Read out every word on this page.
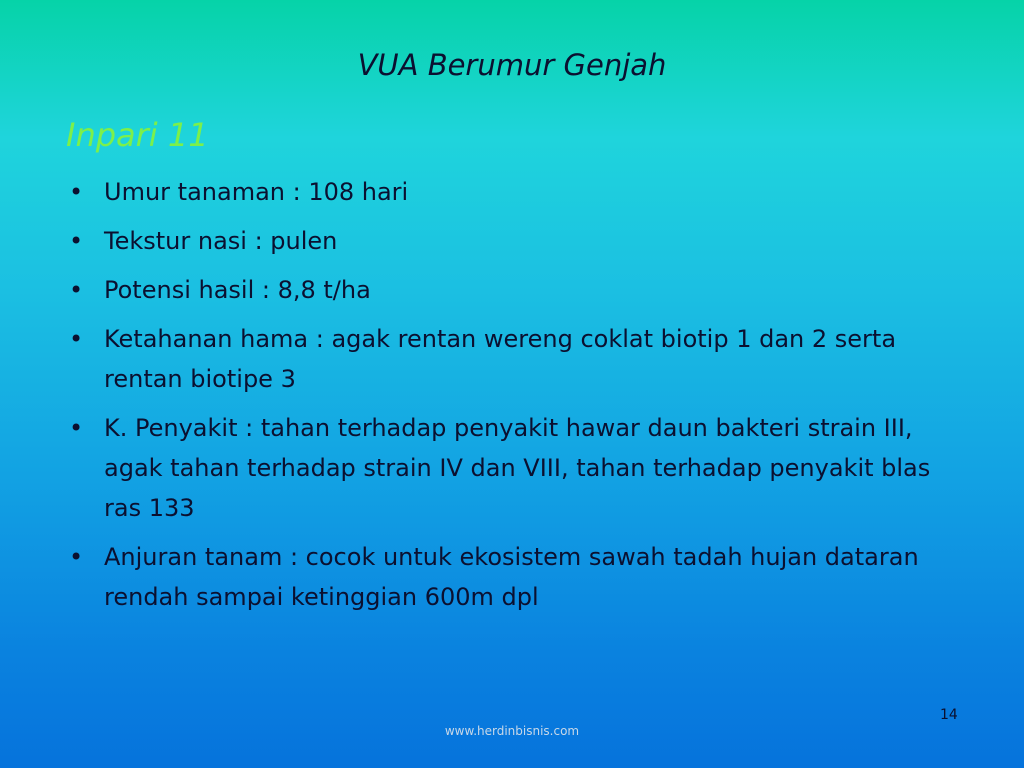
VUA Berumur Genjah
Inpari 11
• Umur tanaman : 108 hari
• Tekstur nasi : pulen
• Potensi hasil : 8,8 t/ha
• Ketahanan hama : agak rentan wereng coklat biotip 1 dan 2 serta rentan biotipe 3
• K. Penyakit : tahan terhadap penyakit hawar daun bakteri strain III, agak tahan terhadap strain IV dan VIII, tahan terhadap penyakit blas ras 133
• Anjuran tanam : cocok untuk ekosistem sawah tadah hujan dataran rendah sampai ketinggian 600m dpl
14
www.herdinbisnis.com
